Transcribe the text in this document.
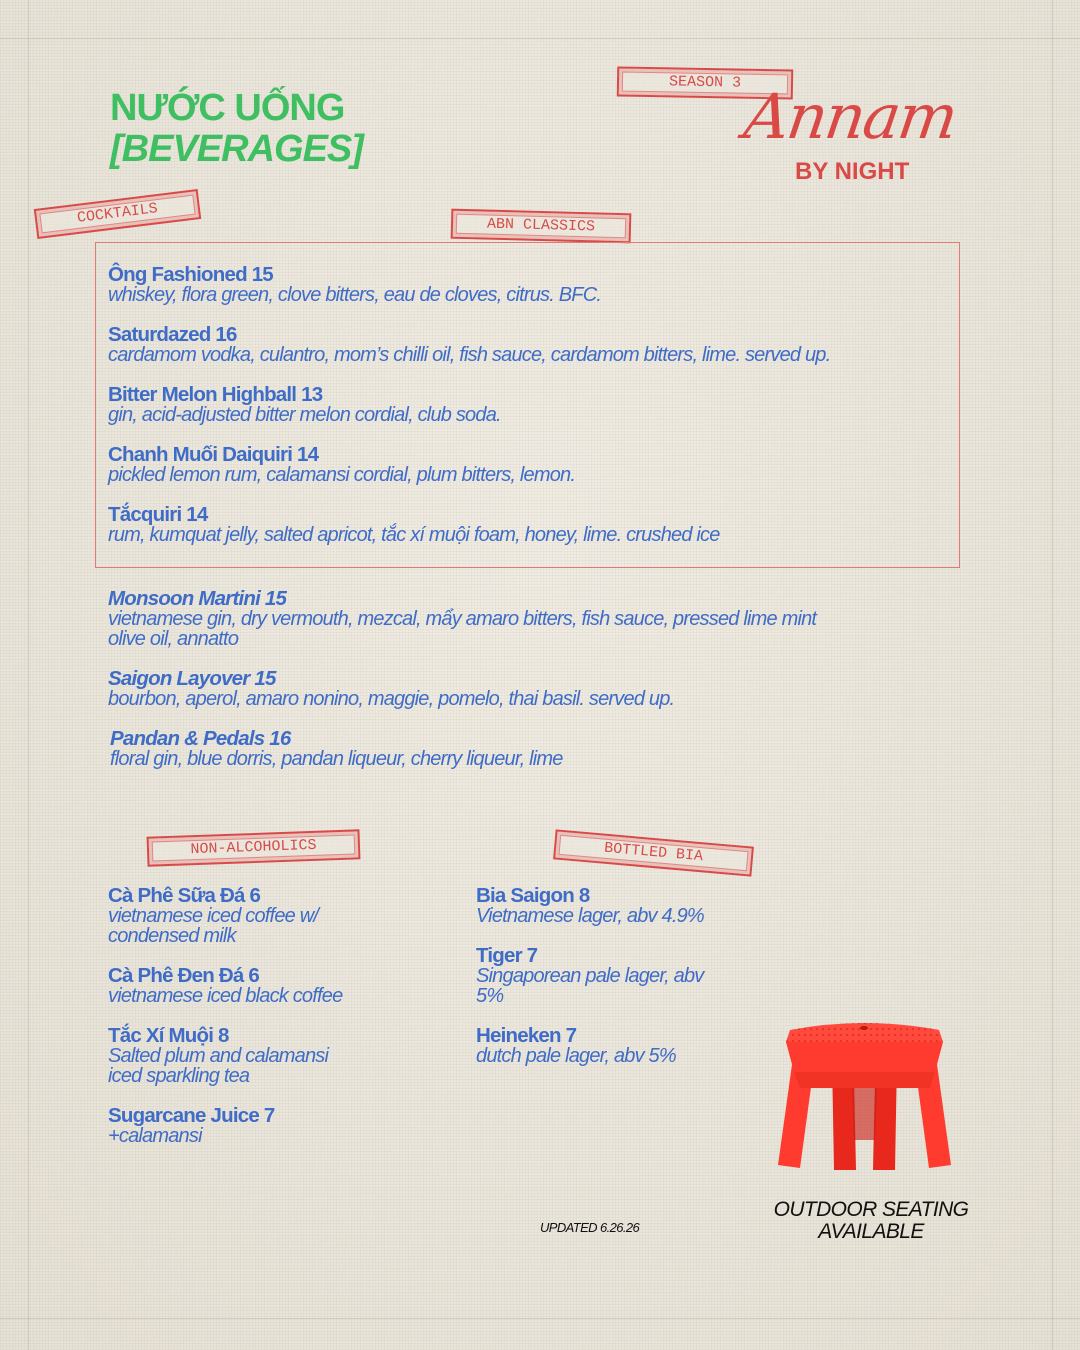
NƯỚC UỐNG
[BEVERAGES]
SEASON 3
Annam
BY NIGHT
COCKTAILS	ABN CLASSICS
Ông Fashioned 15
whiskey, flora green, clove bitters, eau de cloves, citrus. BFC.
Saturdazed 16
cardamom vodka, culantro, mom’s chilli oil, fish sauce, cardamom bitters, lime. served up.
Bitter Melon Highball 13
gin, acid-adjusted bitter melon cordial, club soda.
Chanh Muối Daiquiri 14
pickled lemon rum, calamansi cordial, plum bitters, lemon.
Tắcquiri 14
rum, kumquat jelly, salted apricot, tắc xí muội foam, honey, lime. crushed ice
Monsoon Martini 15
vietnamese gin, dry vermouth, mezcal, mẩy amaro bitters, fish sauce, pressed lime mint
olive oil, annatto
Saigon Layover 15
bourbon, aperol, amaro nonino, maggie, pomelo, thai basil. served up.
Pandan & Pedals 16
floral gin, blue dorris, pandan liqueur, cherry liqueur, lime
NON-ALCOHOLICS	BOTTLED BIA
Cà Phê Sữa Đá 6
vietnamese iced coffee w/
condensed milk
Cà Phê Đen Đá 6
vietnamese iced black coffee
Tắc Xí Muội 8
Salted plum and calamansi
iced sparkling tea
Sugarcane Juice 7
+calamansi
Bia Saigon 8
Vietnamese lager, abv 4.9%
Tiger 7
Singaporean pale lager, abv
5%
Heineken 7
dutch pale lager, abv 5%
UPDATED 6.26.26
OUTDOOR SEATING
AVAILABLE
